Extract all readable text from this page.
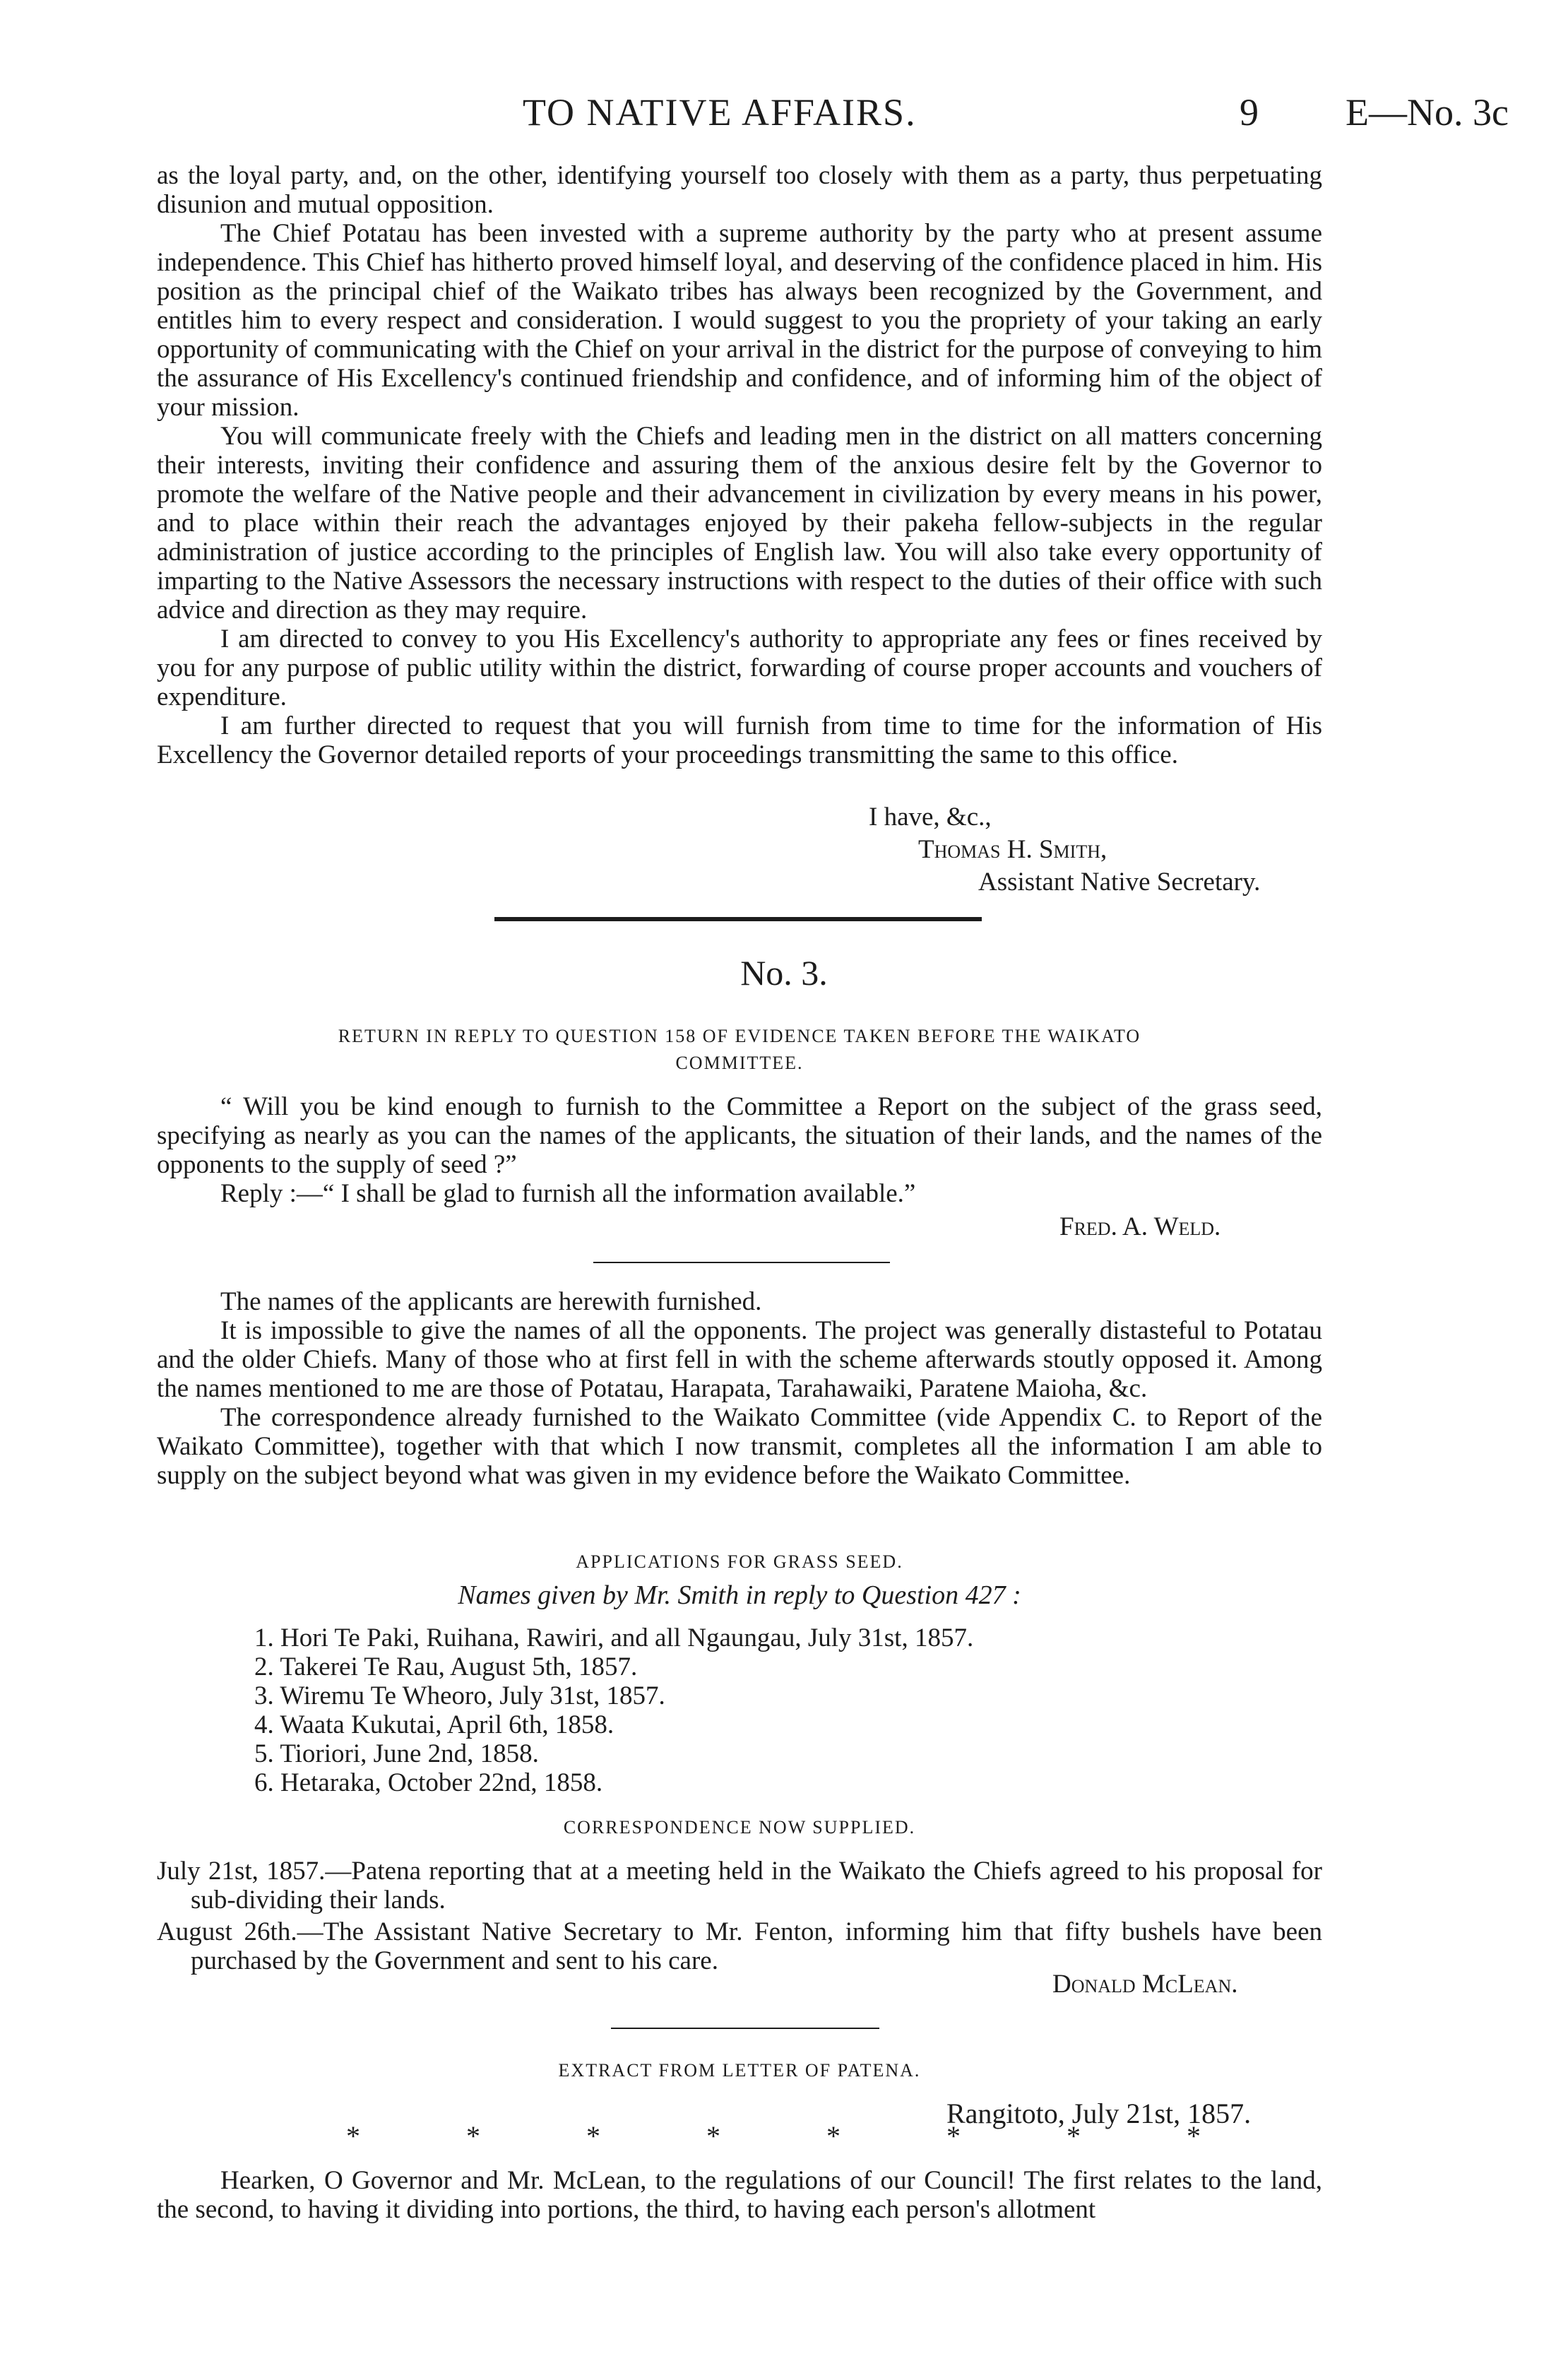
TO NATIVE AFFAIRS.	9 E—No. 3c

as the loyal party, and, on the other, identifying yourself too closely with them as a party, thus perpetuating disunion and mutual opposition.

The Chief Potatau has been invested with a supreme authority by the party who at present assume independence. This Chief has hitherto proved himself loyal, and deserving of the confidence placed in him. His position as the principal chief of the Waikato tribes has always been recognized by the Government, and entitles him to every respect and consideration. I would suggest to you the propriety of your taking an early opportunity of communicating with the Chief on your arrival in the district for the purpose of conveying to him the assurance of His Excellency's continued friendship and confidence, and of informing him of the object of your mission.

You will communicate freely with the Chiefs and leading men in the district on all matters concerning their interests, inviting their confidence and assuring them of the anxious desire felt by the Governor to promote the welfare of the Native people and their advancement in civilization by every means in his power, and to place within their reach the advantages enjoyed by their pakeha fellow-subjects in the regular administration of justice according to the principles of English law. You will also take every opportunity of imparting to the Native Assessors the necessary instructions with respect to the duties of their office with such advice and direction as they may require.

I am directed to convey to you His Excellency's authority to appropriate any fees or fines received by you for any purpose of public utility within the district, forwarding of course proper accounts and vouchers of expenditure.

I am further directed to request that you will furnish from time to time for the information of His Excellency the Governor detailed reports of your proceedings transmitting the same to this office.

I have, &c.,
Thomas H. Smith,
Assistant Native Secretary.
No. 3.
RETURN IN REPLY TO QUESTION 158 OF EVIDENCE TAKEN BEFORE THE WAIKATO
COMMITTEE.

“ Will you be kind enough to furnish to the Committee a Report on the subject of the grass seed, specifying as nearly as you can the names of the applicants, the situation of their lands, and the names of the opponents to the supply of seed ?”

Reply :—“ I shall be glad to furnish all the information available.”

Fred. A. Weld.

The names of the applicants are herewith furnished.

It is impossible to give the names of all the opponents. The project was generally distasteful to Potatau and the older Chiefs. Many of those who at first fell in with the scheme afterwards stoutly opposed it. Among the names mentioned to me are those of Potatau, Harapata, Tarahawaiki, Paratene Maioha, &c.

The correspondence already furnished to the Waikato Committee (vide Appendix C. to Report of the Waikato Committee), together with that which I now transmit, completes all the information I am able to supply on the subject beyond what was given in my evidence before the Waikato Committee.

APPLICATIONS FOR GRASS SEED.
Names given by Mr. Smith in reply to Question 427 :
1. Hori Te Paki, Ruihana, Rawiri, and all Ngaungau, July 31st, 1857.
2. Takerei Te Rau, August 5th, 1857.
3. Wiremu Te Wheoro, July 31st, 1857.
4. Waata Kukutai, April 6th, 1858.
5. Tioriori, June 2nd, 1858.
6. Hetaraka, October 22nd, 1858.
CORRESPONDENCE NOW SUPPLIED.

July 21st, 1857.—Patena reporting that at a meeting held in the Waikato the Chiefs agreed to his proposal for sub-dividing their lands.

August 26th.—The Assistant Native Secretary to Mr. Fenton, informing him that fifty bushels have been purchased by the Government and sent to his care.

Donald McLean.
EXTRACT FROM LETTER OF PATENA.
Rangitoto, July 21st, 1857.
*	*	*	*	*	*	*	*

Hearken, O Governor and Mr. McLean, to the regulations of our Council! The first relates to the land, the second, to having it dividing into portions, the third, to having each person's allotment
